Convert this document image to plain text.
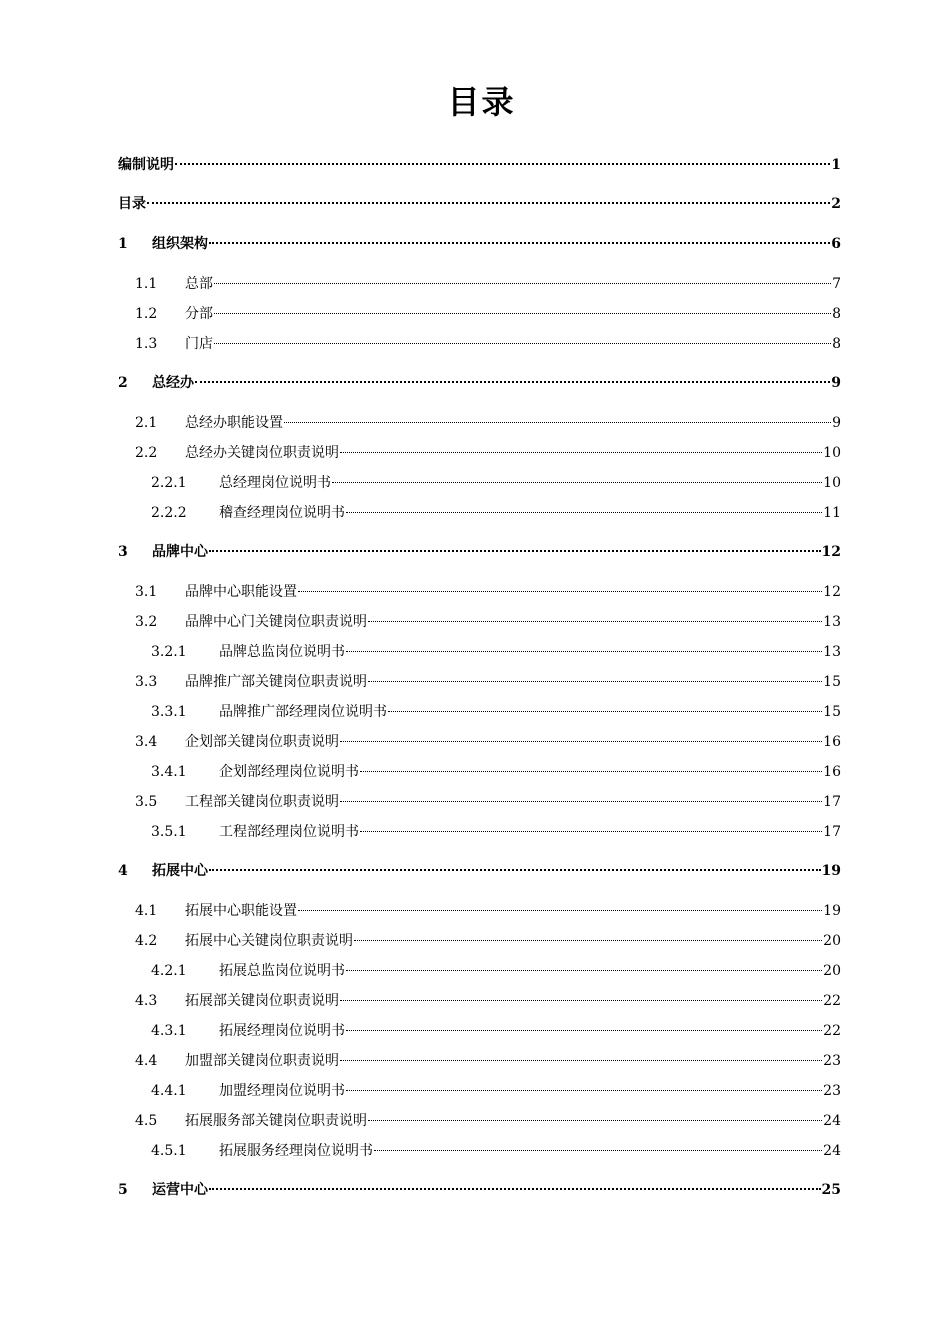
目录
编制说明	1
目录	2
1	组织架构	6
1.1	总部	7
1.2	分部	8
1.3	门店	8
2	总经办	9
2.1	总经办职能设置	9
2.2	总经办关键岗位职责说明	10
2.2.1	总经理岗位说明书	10
2.2.2	稽查经理岗位说明书	11
3	品牌中心	12
3.1	品牌中心职能设置	12
3.2	品牌中心门关键岗位职责说明	13
3.2.1	品牌总监岗位说明书	13
3.3	品牌推广部关键岗位职责说明	15
3.3.1	品牌推广部经理岗位说明书	15
3.4	企划部关键岗位职责说明	16
3.4.1	企划部经理岗位说明书	16
3.5	工程部关键岗位职责说明	17
3.5.1	工程部经理岗位说明书	17
4	拓展中心	19
4.1	拓展中心职能设置	19
4.2	拓展中心关键岗位职责说明	20
4.2.1	拓展总监岗位说明书	20
4.3	拓展部关键岗位职责说明	22
4.3.1	拓展经理岗位说明书	22
4.4	加盟部关键岗位职责说明	23
4.4.1	加盟经理岗位说明书	23
4.5	拓展服务部关键岗位职责说明	24
4.5.1	拓展服务经理岗位说明书	24
5	运营中心	25
